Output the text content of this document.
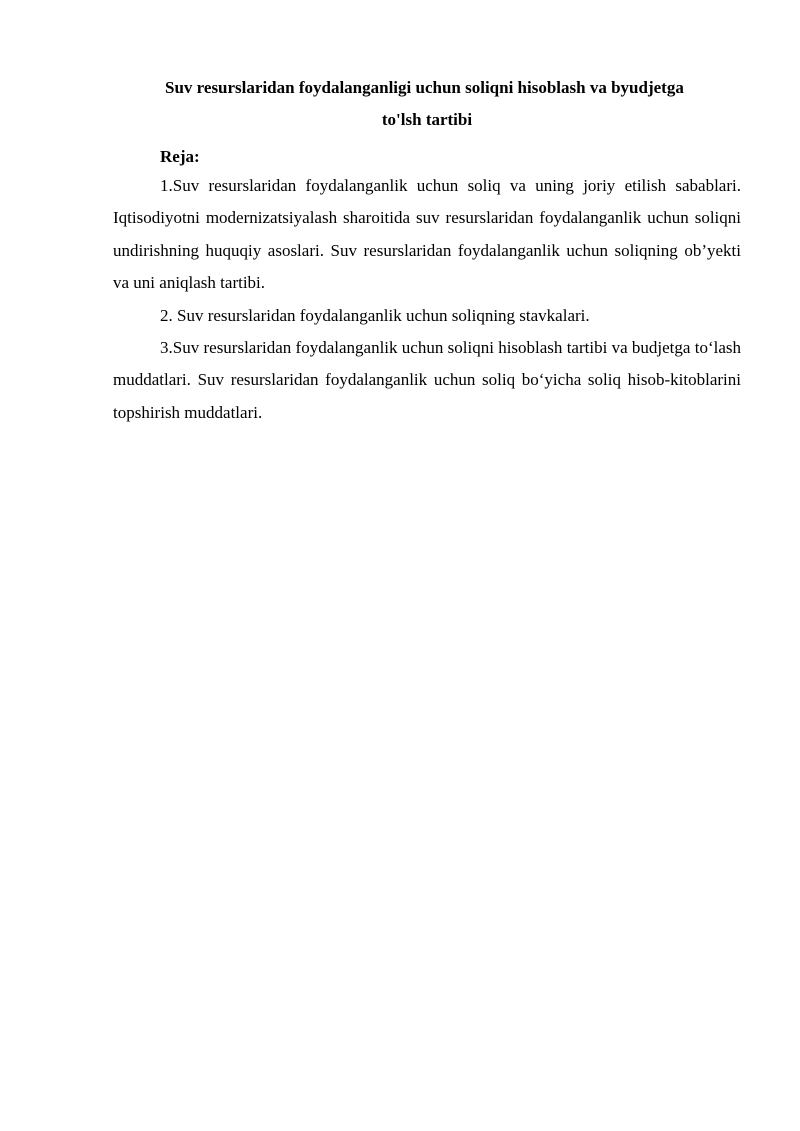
Suv resurslaridan foydalanganligi uchun soliqni hisoblash va byudjetga
to'lsh tartibi

Reja:

1.Suv resurslaridan foydalanganlik uchun soliq va uning joriy etilish sabablari. Iqtisodiyotni modernizatsiyalash sharoitida suv resurslaridan foydalanganlik uchun soliqni undirishning huquqiy asoslari. Suv resurslaridan foydalanganlik uchun soliqning ob’yekti va uni aniqlash tartibi.
2. Suv resurslaridan foydalanganlik uchun soliqning stavkalari.
3.Suv resurslaridan foydalanganlik uchun soliqni hisoblash tartibi va budjetga to‘lash muddatlari. Suv resurslaridan foydalanganlik uchun soliq bo‘yicha soliq hisob-kitoblarini topshirish muddatlari.
